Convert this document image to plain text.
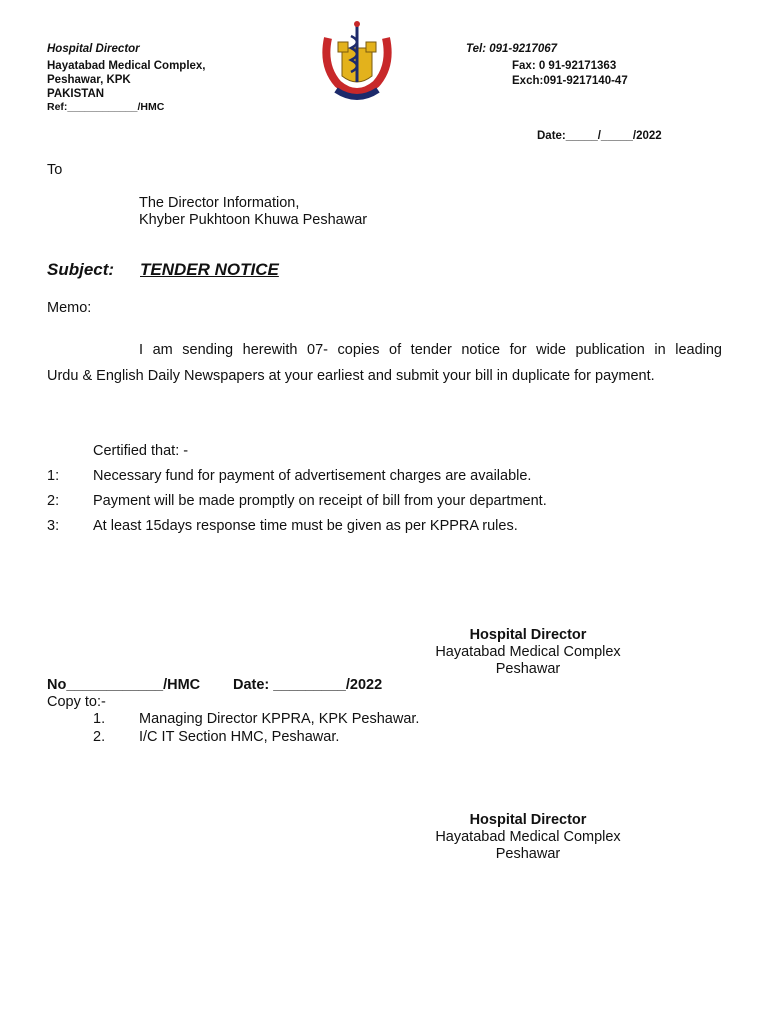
Hospital Director
Hayatabad Medical Complex,
Peshawar, KPK
PAKISTAN
Ref:____________/HMC
Tel: 091-9217067
Fax: 0 91-92171363
Exch:091-9217140-47
Date:_____/_____/2022
To
The Director Information,
Khyber Pukhtoon Khuwa Peshawar
Subject: TENDER NOTICE
Memo:
I am sending herewith 07- copies of tender notice for wide publication in leading
Urdu & English Daily Newspapers at your earliest and submit your bill in duplicate for payment.
Certified that: -
1: Necessary fund for payment of advertisement charges are available.
2: Payment will be made promptly on receipt of bill from your department.
3: At least 15days response time must be given as per KPPRA rules.
Hospital Director
Hayatabad Medical Complex
Peshawar
No____________/HMC Date: _________/2022
Copy to:-
1. Managing Director KPPRA, KPK Peshawar.
2. I/C IT Section HMC, Peshawar.
Hospital Director
Hayatabad Medical Complex
Peshawar
